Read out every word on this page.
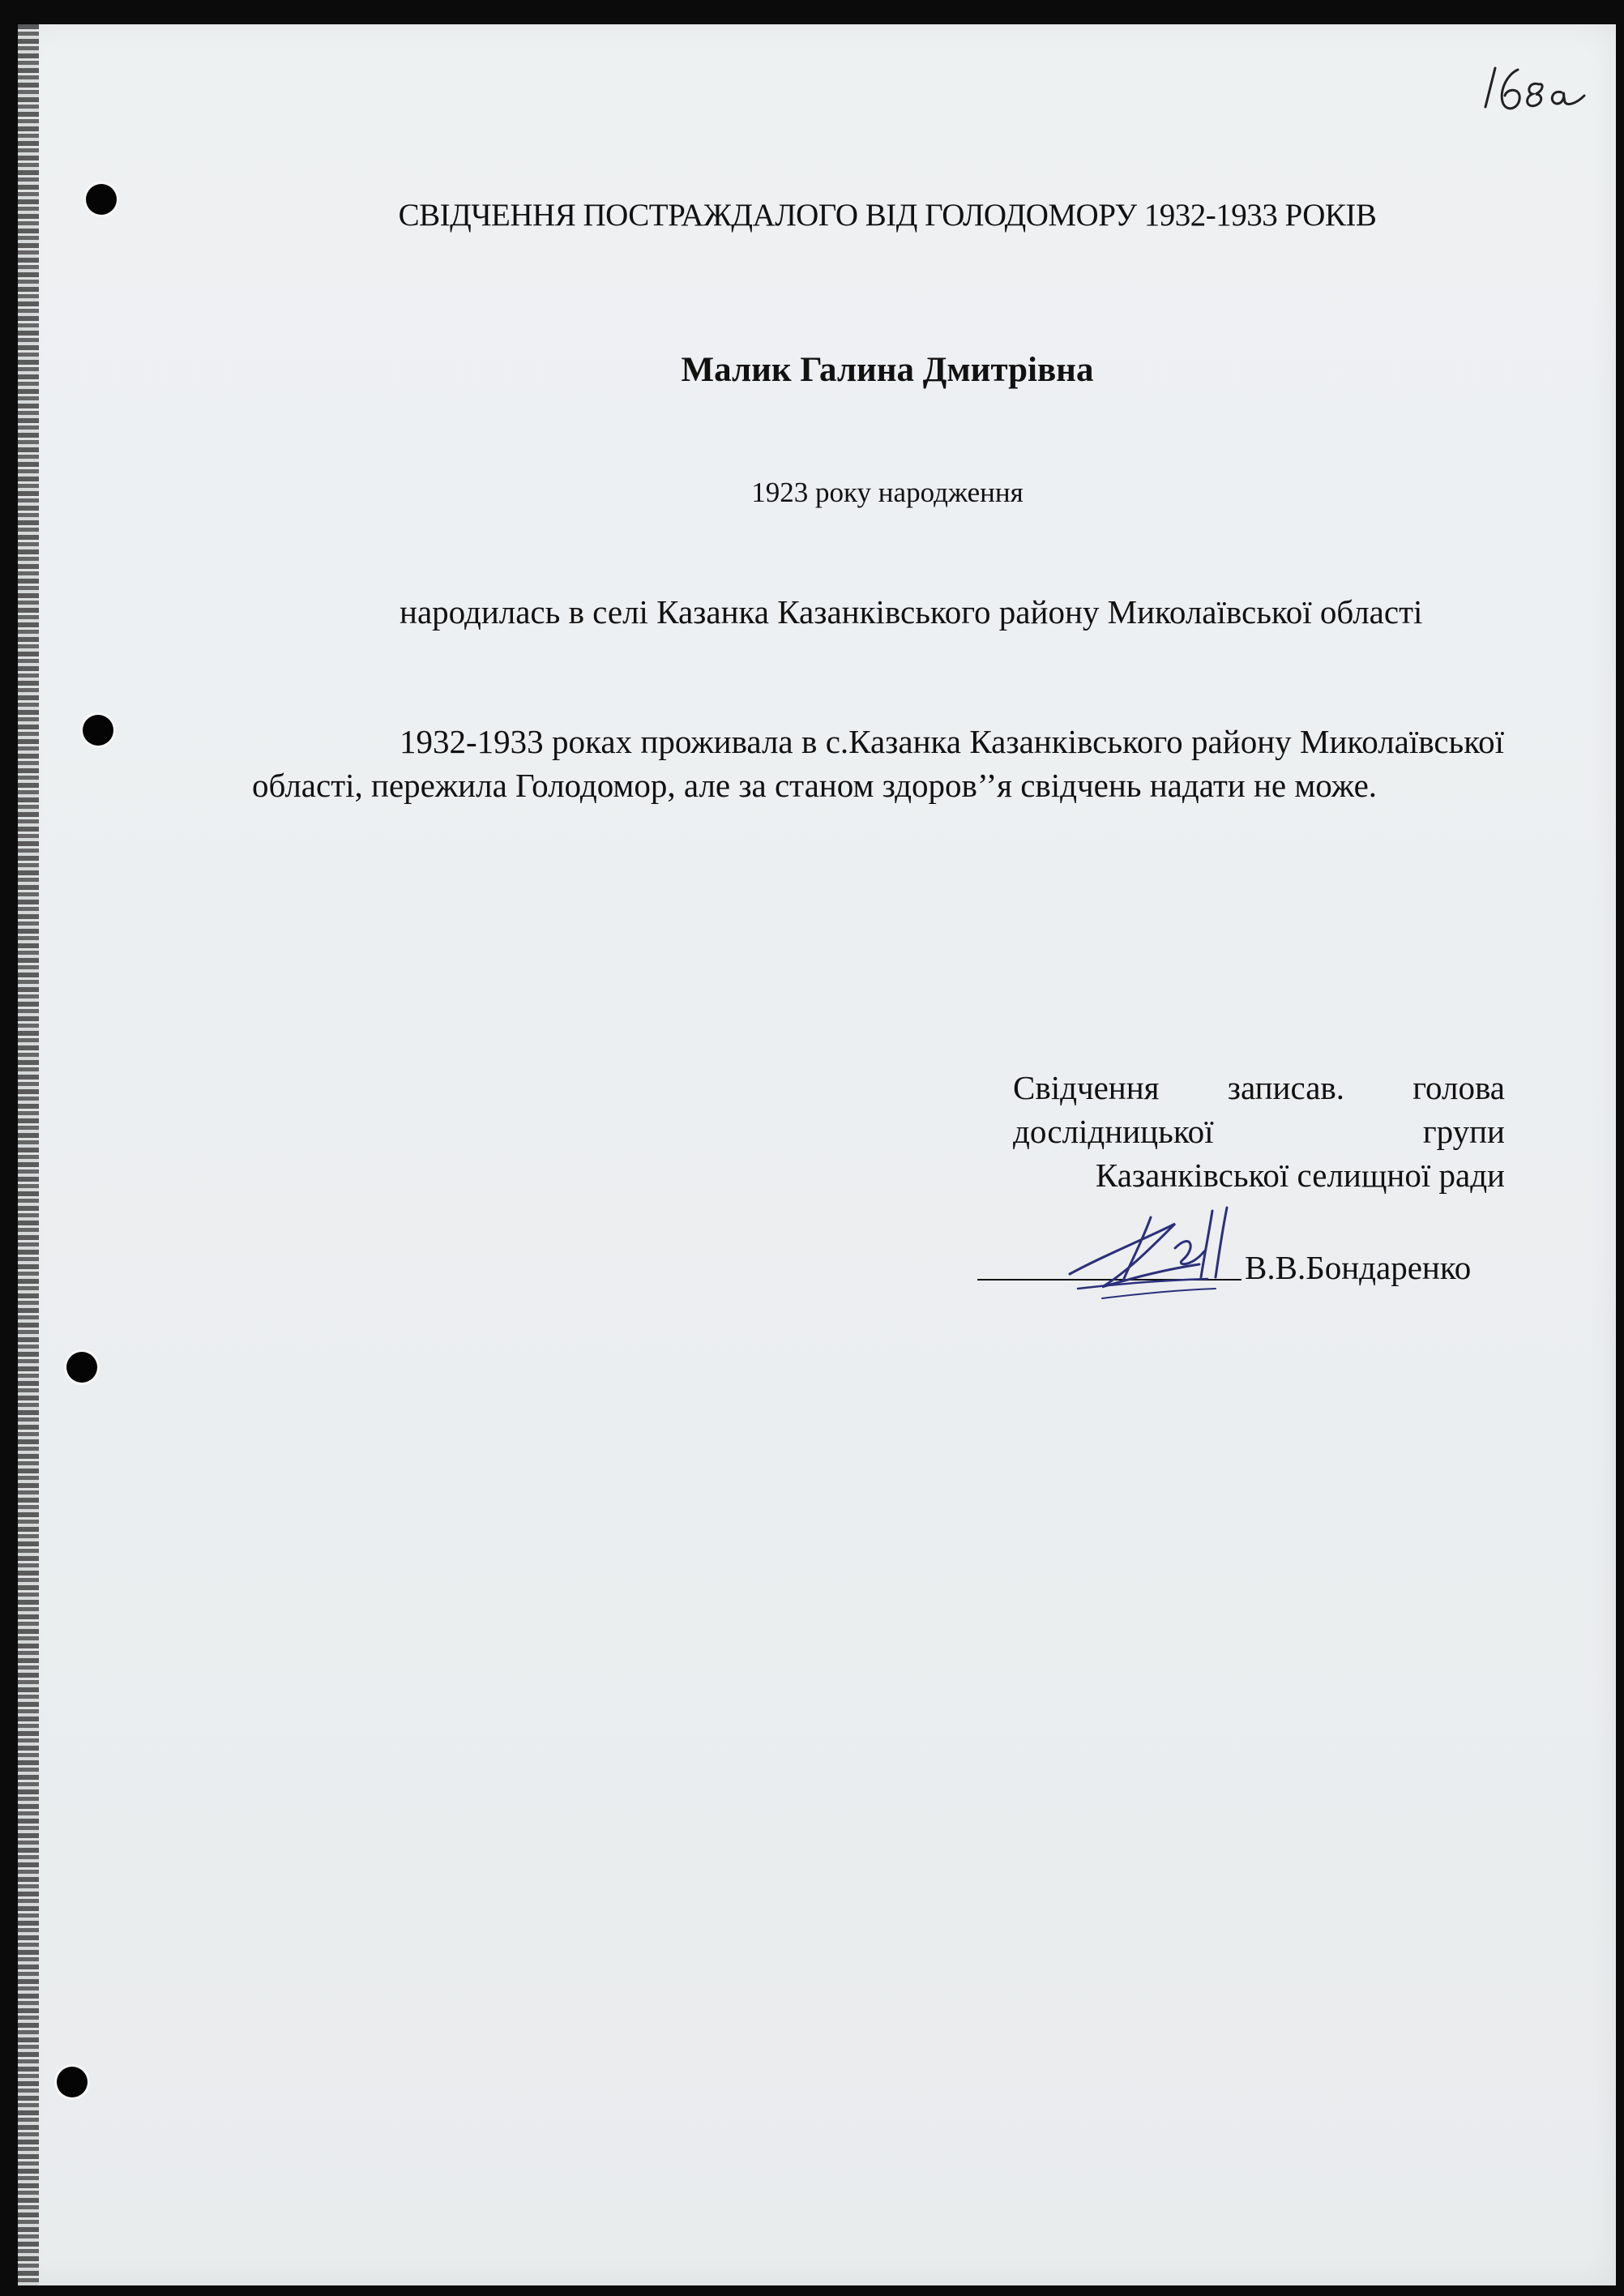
СВІДЧЕННЯ ПОСТРАЖДАЛОГО ВІД ГОЛОДОМОРУ 1932-1933 РОКІВ

Малик Галина Дмитрівна

1923 року народження

народилась в селі Казанка Казанківського району Миколаївської області

1932-1933 роках проживала в с.Казанка Казанківського району Миколаївської області, пережила Голодомор, але за станом здоров’’я свідчень надати не може.

Свідчення записав. голова
дослідницької	групи
Казанківської селищної ради
В.В.Бондаренко
